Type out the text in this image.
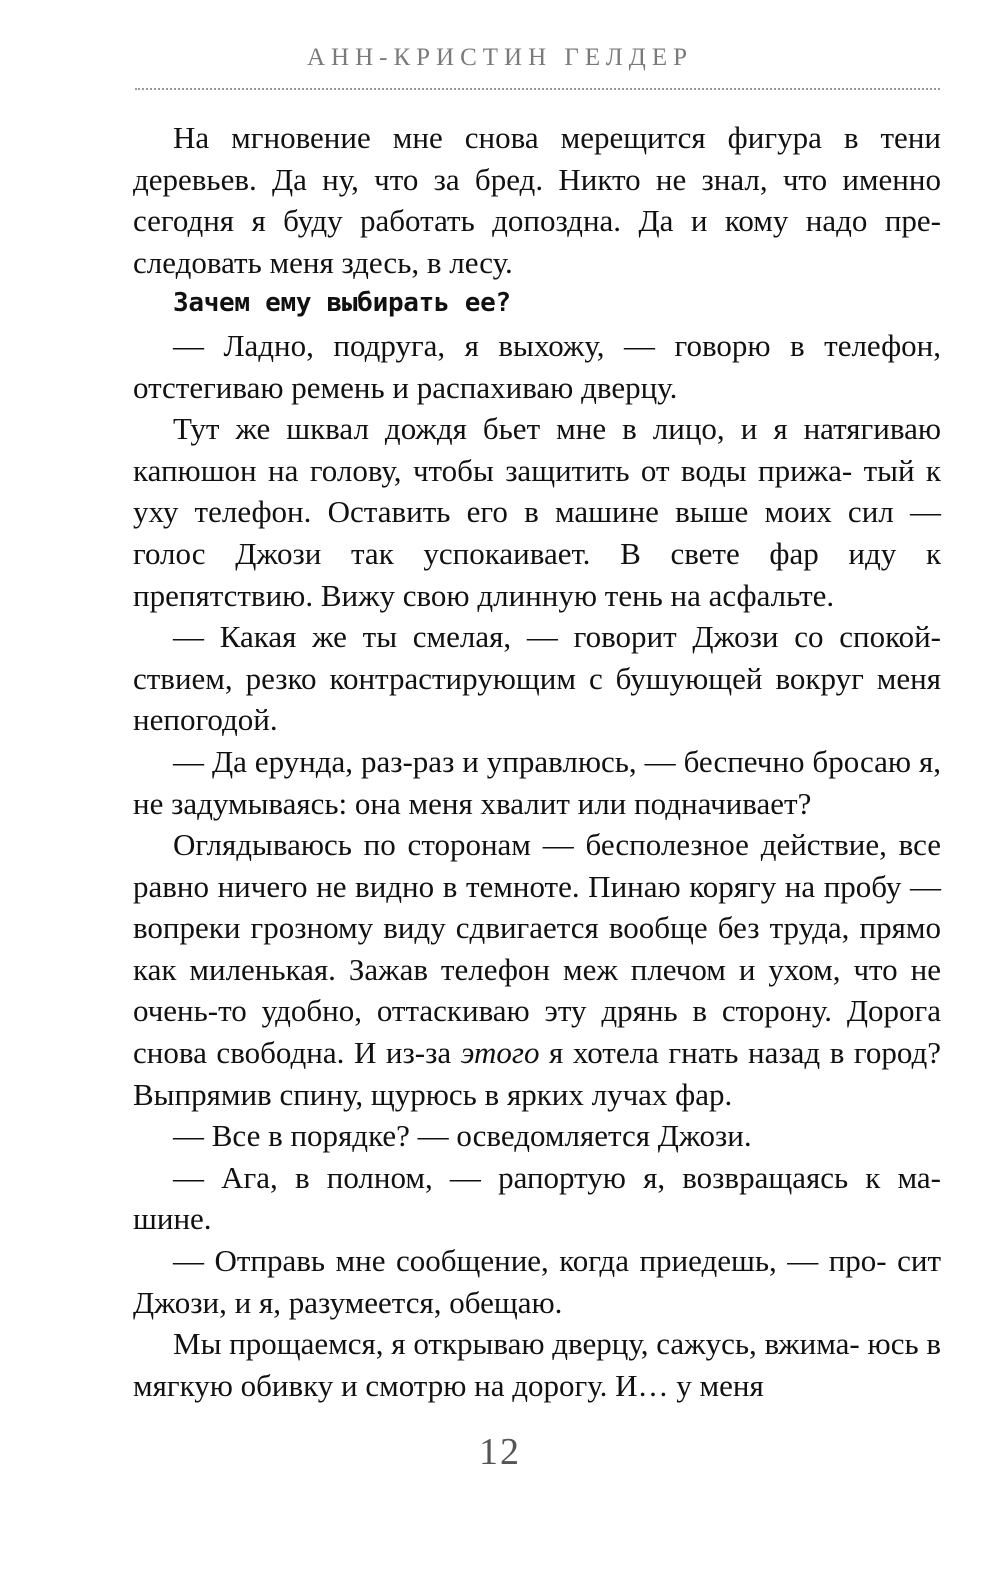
АНН-КРИСТИН ГЕЛДЕР

На мгновение мне снова мерещится фигура в тени деревьев. Да ну, что за бред. Никто не знал, что именно сегодня я буду работать допоздна. Да и кому надо пре- следовать меня здесь, в лесу.

Зачем ему выбирать ее?

— Ладно, подруга, я выхожу, — говорю в телефон, отстегиваю ремень и распахиваю дверцу.

Тут же шквал дождя бьет мне в лицо, и я натягиваю капюшон на голову, чтобы защитить от воды прижа- тый к уху телефон. Оставить его в машине выше моих сил — голос Джози так успокаивает. В свете фар иду к препятствию. Вижу свою длинную тень на асфальте.

— Какая же ты смелая, — говорит Джози со спокой- ствием, резко контрастирующим с бушующей вокруг меня непогодой.

— Да ерунда, раз-раз и управлюсь, — беспечно бросаю я, не задумываясь: она меня хвалит или подначивает?

Оглядываюсь по сторонам — бесполезное действие, все равно ничего не видно в темноте. Пинаю корягу на пробу — вопреки грозному виду сдвигается вообще без труда, прямо как миленькая. Зажав телефон меж плечом и ухом, что не очень-то удобно, оттаскиваю эту дрянь в сторону. Дорога снова свободна. И из-за этого я хотела гнать назад в город? Выпрямив спину, щурюсь в ярких лучах фар.

— Все в порядке? — осведомляется Джози.

— Ага, в полном, — рапортую я, возвращаясь к ма- шине.

— Отправь мне сообщение, когда приедешь, — про- сит Джози, и я, разумеется, обещаю.

Мы прощаемся, я открываю дверцу, сажусь, вжима- юсь в мягкую обивку и смотрю на дорогу. И… у меня

12
